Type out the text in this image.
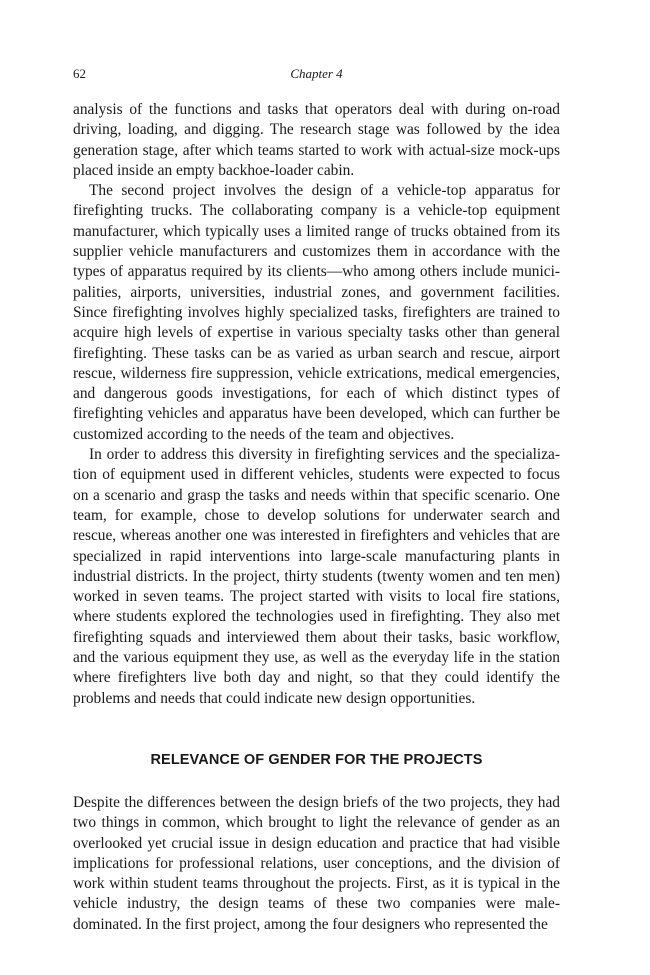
62	Chapter 4

analysis of the functions and tasks that operators deal with during on-road driving, loading, and digging. The research stage was followed by the idea generation stage, after which teams started to work with actual-size mock-ups placed inside an empty backhoe-loader cabin.

The second project involves the design of a vehicle-top apparatus for firefighting trucks. The collaborating company is a vehicle-top equipment manufacturer, which typically uses a limited range of trucks obtained from its supplier vehicle manufacturers and customizes them in accordance with the types of apparatus required by its clients—who among others include municipalities, airports, universities, industrial zones, and government facilities. Since firefighting involves highly specialized tasks, firefighters are trained to acquire high levels of expertise in various specialty tasks other than general firefighting. These tasks can be as varied as urban search and rescue, airport rescue, wilderness fire suppression, vehicle extrications, medical emergencies, and dangerous goods investigations, for each of which distinct types of firefighting vehicles and apparatus have been developed, which can further be customized according to the needs of the team and objectives.

In order to address this diversity in firefighting services and the specialization of equipment used in different vehicles, students were expected to focus on a scenario and grasp the tasks and needs within that specific scenario. One team, for example, chose to develop solutions for underwater search and rescue, whereas another one was interested in firefighters and vehicles that are specialized in rapid interventions into large-scale manufacturing plants in industrial districts. In the project, thirty students (twenty women and ten men) worked in seven teams. The project started with visits to local fire stations, where students explored the technologies used in firefighting. They also met firefighting squads and interviewed them about their tasks, basic workflow, and the various equipment they use, as well as the everyday life in the station where firefighters live both day and night, so that they could identify the problems and needs that could indicate new design opportunities.

RELEVANCE OF GENDER FOR THE PROJECTS

Despite the differences between the design briefs of the two projects, they had two things in common, which brought to light the relevance of gender as an overlooked yet crucial issue in design education and practice that had visible implications for professional relations, user conceptions, and the division of work within student teams throughout the projects. First, as it is typical in the vehicle industry, the design teams of these two companies were male-dominated. In the first project, among the four designers who represented the
